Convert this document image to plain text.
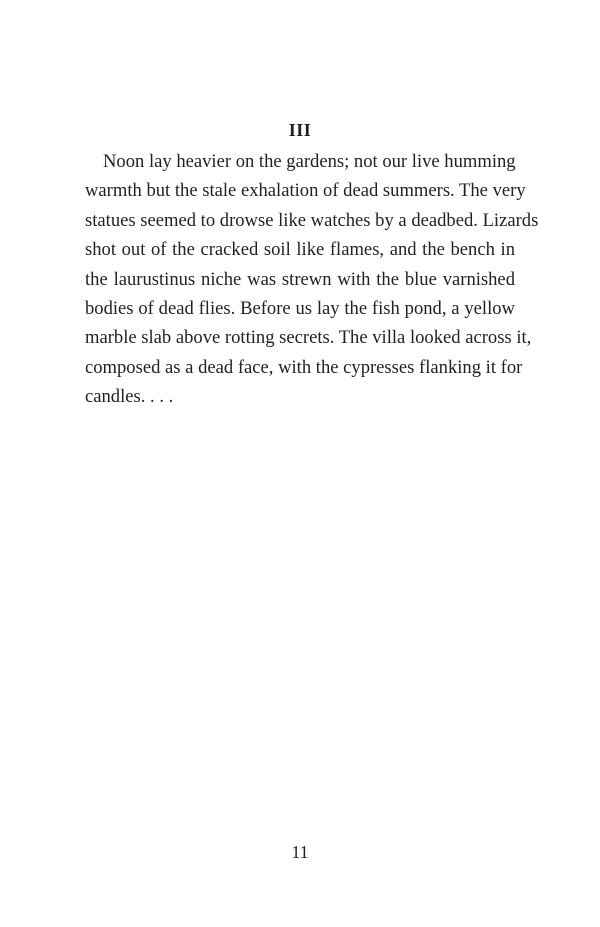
III
Noon lay heavier on the gardens; not our live humming
warmth but the stale exhalation of dead summers. The very
statues seemed to drowse like watches by a deadbed. Lizards
shot out of the cracked soil like flames, and the bench in
the laurustinus niche was strewn with the blue varnished
bodies of dead flies. Before us lay the fish pond, a yellow
marble slab above rotting secrets. The villa looked across it,
composed as a dead face, with the cypresses flanking it for
candles. . . .
11
